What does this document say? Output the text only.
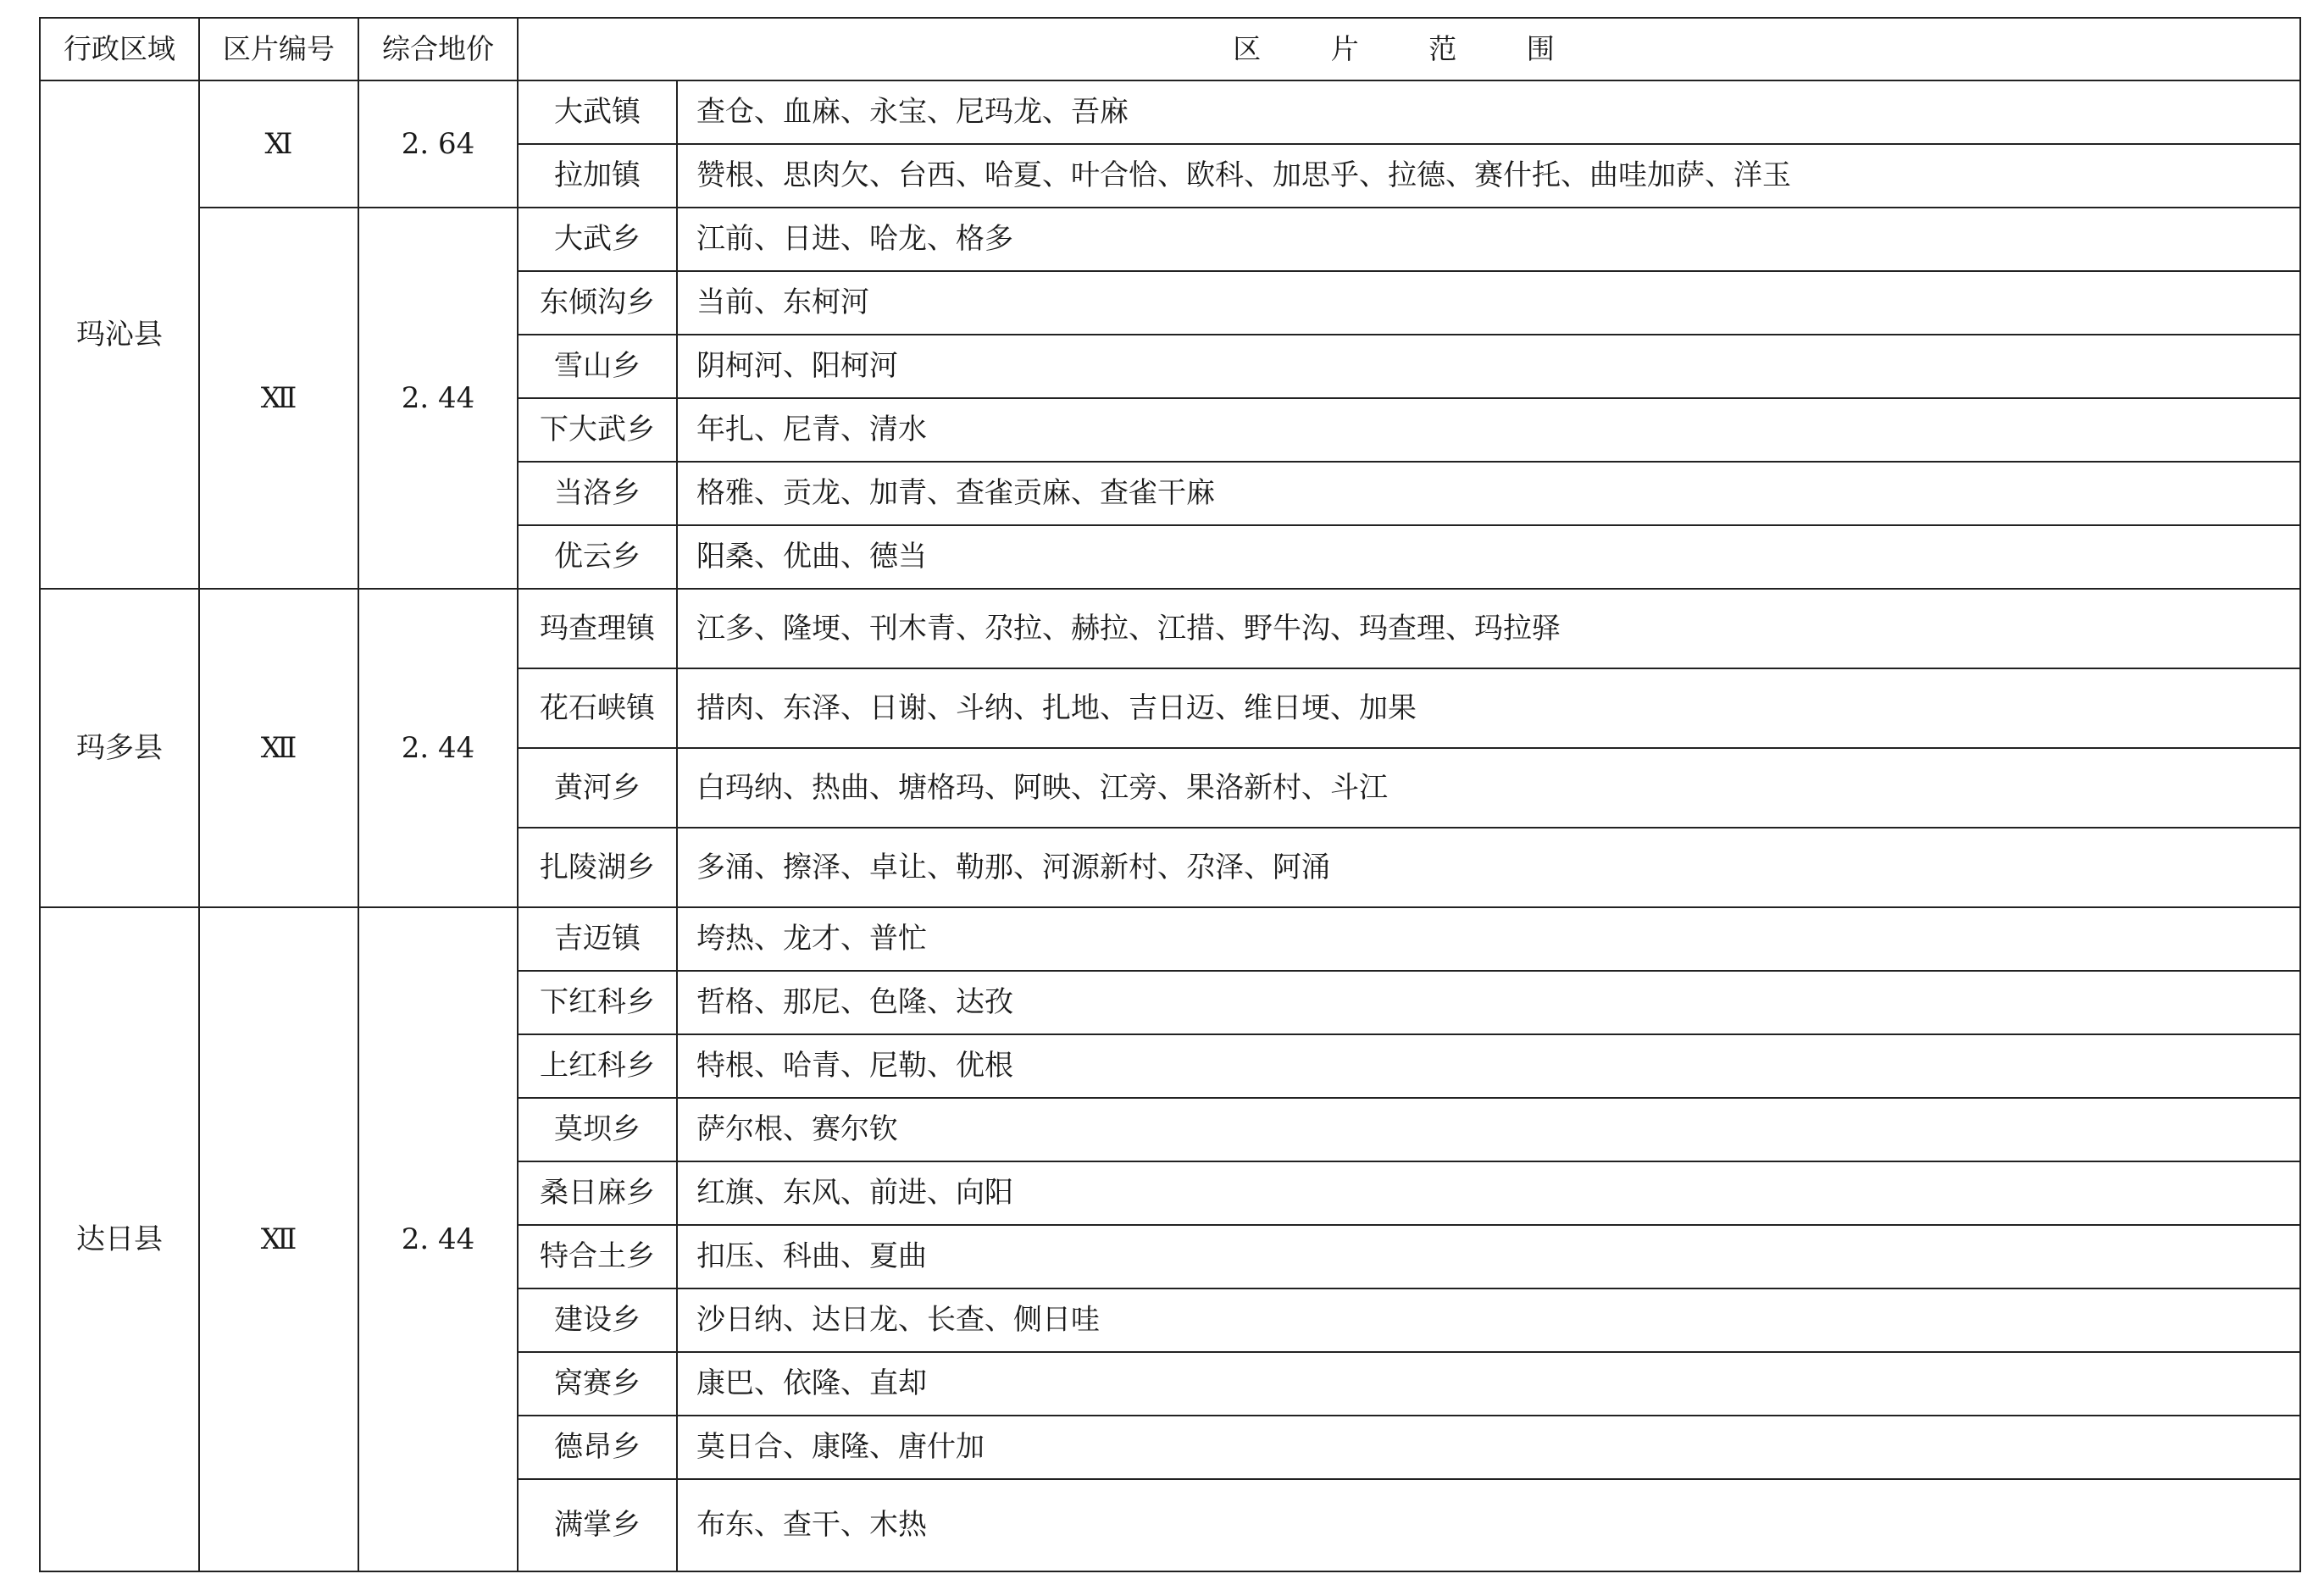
行政区域	区片编号	综合地价	区 片 范 围	
玛沁县	Ⅺ	2. 64	大武镇	查仓、血麻、永宝、尼玛龙、吾麻
			拉加镇	赞根、思肉欠、台西、哈夏、叶合恰、欧科、加思乎、拉德、赛什托、曲哇加萨、洋玉
	Ⅻ	2. 44	大武乡	江前、日进、哈龙、格多
			东倾沟乡	当前、东柯河
			雪山乡	阴柯河、阳柯河
			下大武乡	年扎、尼青、清水
			当洛乡	格雅、贡龙、加青、查雀贡麻、查雀干麻
			优云乡	阳桑、优曲、德当
玛多县	Ⅻ	2. 44	玛查理镇	江多、隆埂、刊木青、尕拉、赫拉、江措、野牛沟、玛查理、玛拉驿
			花石峡镇	措肉、东泽、日谢、斗纳、扎地、吉日迈、维日埂、加果
			黄河乡	白玛纳、热曲、塘格玛、阿映、江旁、果洛新村、斗江
			扎陵湖乡	多涌、擦泽、卓让、勒那、河源新村、尕泽、阿涌
达日县	Ⅻ	2. 44	吉迈镇	垮热、龙才、普忙
			下红科乡	哲格、那尼、色隆、达孜
			上红科乡	特根、哈青、尼勒、优根
			莫坝乡	萨尔根、赛尔钦
			桑日麻乡	红旗、东风、前进、向阳
			特合土乡	扣压、科曲、夏曲
			建设乡	沙日纳、达日龙、长查、侧日哇
			窝赛乡	康巴、依隆、直却
			德昂乡	莫日合、康隆、唐什加
			满掌乡	布东、查干、木热
